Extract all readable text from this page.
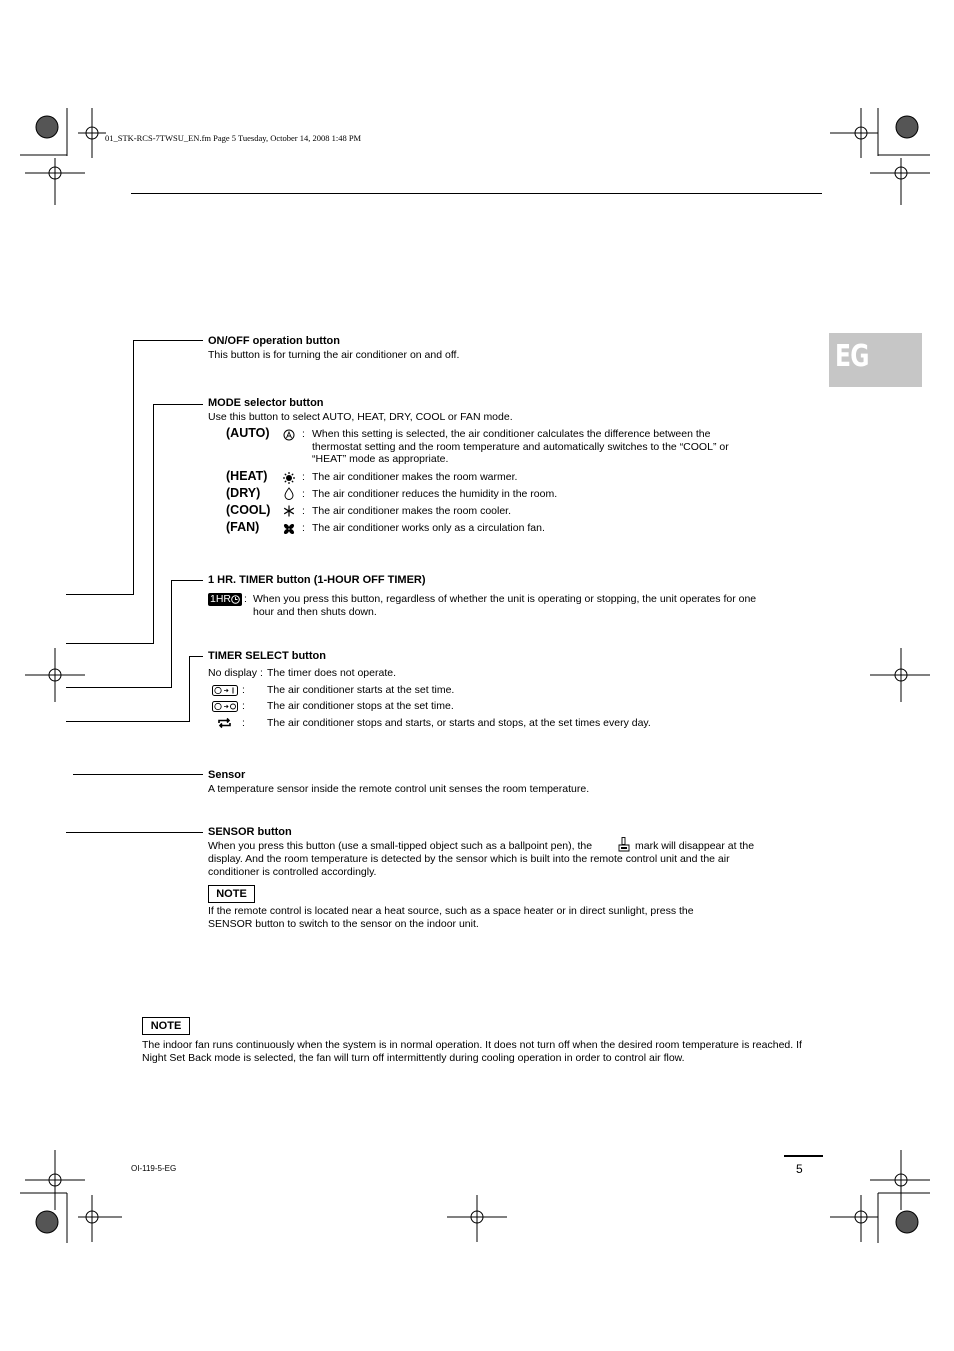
01_STK-RCS-7TWSU_EN.fm Page 5 Tuesday, October 14, 2008 1:48 PM
EG
ON/OFF operation button
This button is for turning the air conditioner on and off.
MODE selector button
Use this button to select AUTO, HEAT, DRY, COOL or FAN mode.
(AUTO)	: When this setting is selected, the air conditioner calculates the difference between the thermostat setting and the room temperature and automatically switches to the “COOL” or “HEAT” mode as appropriate.
(HEAT)	: The air conditioner makes the room warmer.
(DRY)	: The air conditioner reduces the humidity in the room.
(COOL)	: The air conditioner makes the room cooler.
(FAN)	: The air conditioner works only as a circulation fan.
1 HR. TIMER button (1-HOUR OFF TIMER)
1HR : When you press this button, regardless of whether the unit is operating or stopping, the unit operates for one hour and then shuts down.
TIMER SELECT button
No display : The timer does not operate.
: The air conditioner starts at the set time.
: The air conditioner stops at the set time.
: The air conditioner stops and starts, or starts and stops, at the set times every day.
Sensor
A temperature sensor inside the remote control unit senses the room temperature.
SENSOR button
When you press this button (use a small-tipped object such as a ballpoint pen), the	mark will disappear at the
display. And the room temperature is detected by the sensor which is built into the remote control unit and the air conditioner is controlled accordingly.
NOTE
If the remote control is located near a heat source, such as a space heater or in direct sunlight, press the SENSOR button to switch to the sensor on the indoor unit.
NOTE
The indoor fan runs continuously when the system is in normal operation. It does not turn off when the desired room temperature is reached. If Night Set Back mode is selected, the fan will turn off intermittently during cooling operation in order to control air flow.
OI-119-5-EG	5
